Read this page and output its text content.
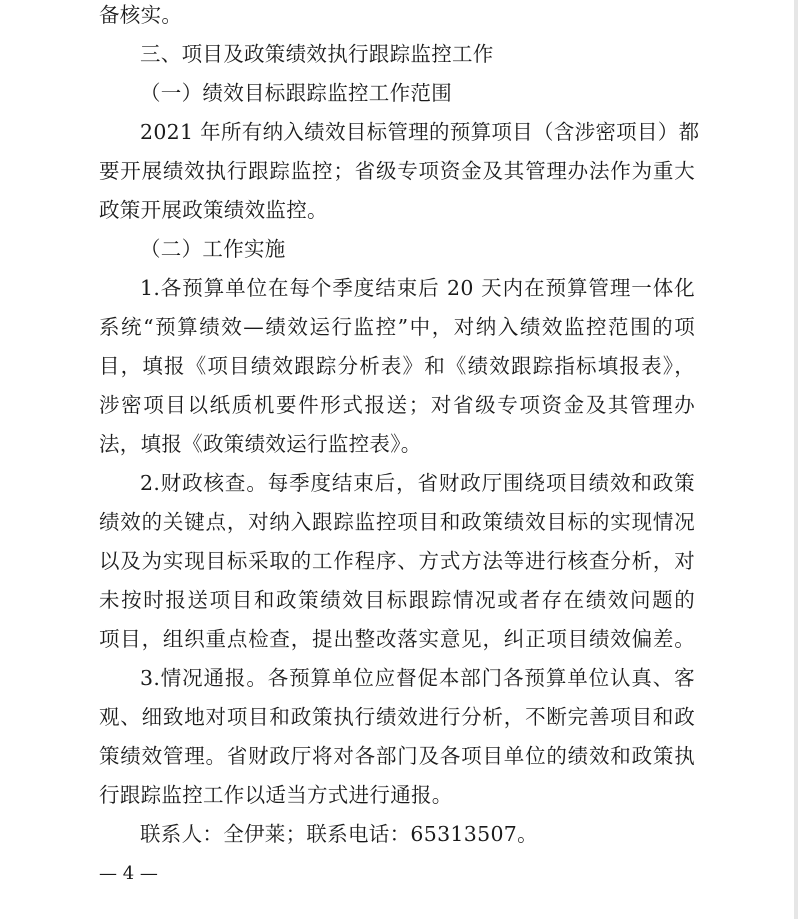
备核实。
三、项目及政策绩效执行跟踪监控工作
（一）绩效目标跟踪监控工作范围
2021 年所有纳入绩效目标管理的预算项目（含涉密项目）都
要开展绩效执行跟踪监控；省级专项资金及其管理办法作为重大
政策开展政策绩效监控。
（二）工作实施
1.各预算单位在每个季度结束后 20 天内在预算管理一体化
系统“预算绩效—绩效运行监控”中，对纳入绩效监控范围的项
目，填报《项目绩效跟踪分析表》和《绩效跟踪指标填报表》，
涉密项目以纸质机要件形式报送；对省级专项资金及其管理办
法，填报《政策绩效运行监控表》。
2.财政核查。每季度结束后，省财政厅围绕项目绩效和政策
绩效的关键点，对纳入跟踪监控项目和政策绩效目标的实现情况
以及为实现目标采取的工作程序、方式方法等进行核查分析，对
未按时报送项目和政策绩效目标跟踪情况或者存在绩效问题的
项目，组织重点检查，提出整改落实意见，纠正项目绩效偏差。
3.情况通报。各预算单位应督促本部门各预算单位认真、客
观、细致地对项目和政策执行绩效进行分析，不断完善项目和政
策绩效管理。省财政厅将对各部门及各项目单位的绩效和政策执
行跟踪监控工作以适当方式进行通报。
联系人：全伊莱；联系电话：65313507。
— 4 —
